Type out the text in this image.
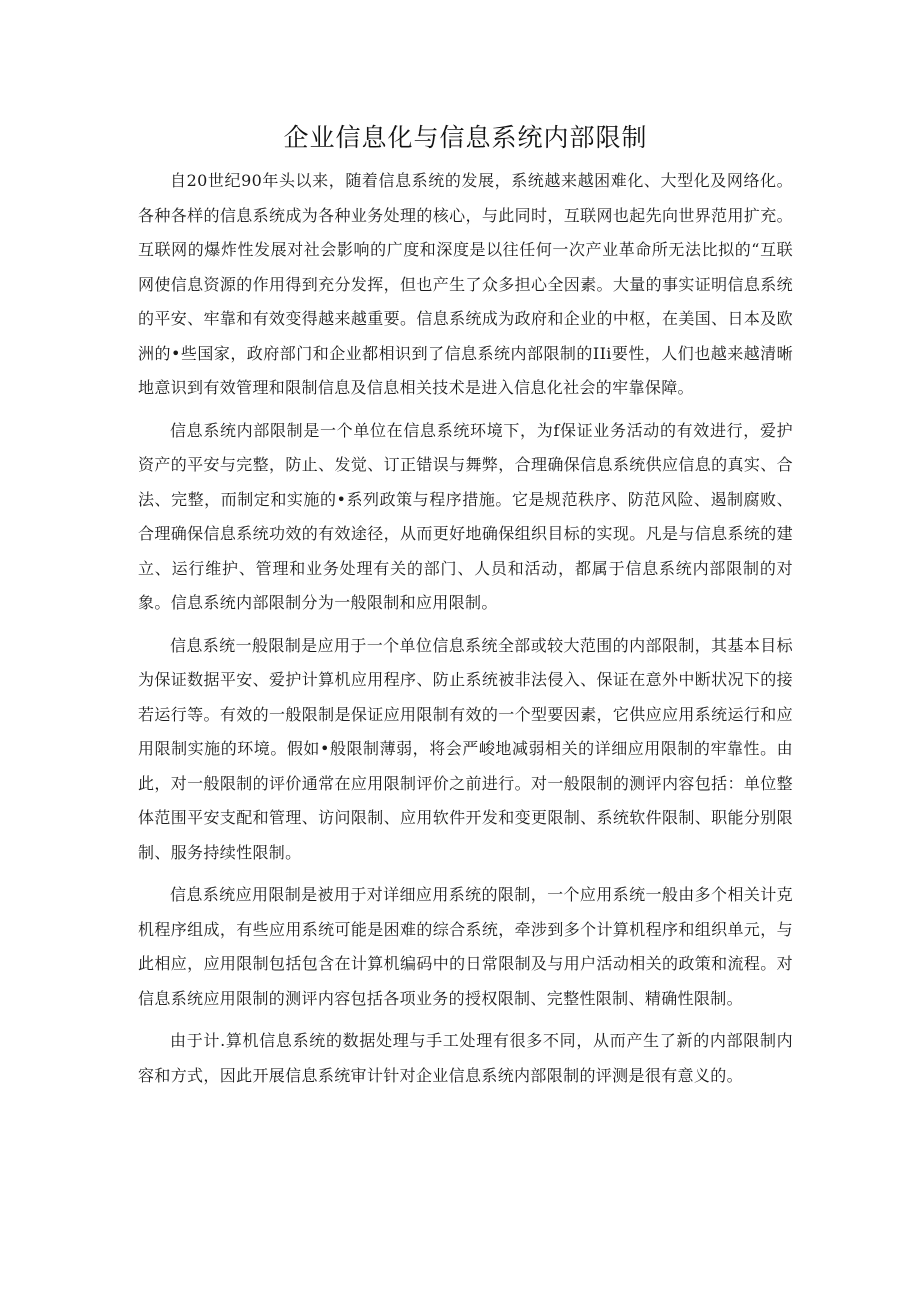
企业信息化与信息系统内部限制

自20世纪90年头以来，随着信息系统的发展，系统越来越困难化、大型化及网络化。各种各样的信息系统成为各种业务处理的核心，与此同时，互联网也起先向世界范用扩充。互联网的爆炸性发展对社会影响的广度和深度是以往任何一次产业革命所无法比拟的“互联网使信息资源的作用得到充分发挥，但也产生了众多担心全因素。大量的事实证明信息系统的平安、牢靠和有效变得越来越重要。信息系统成为政府和企业的中枢，在美国、日本及欧洲的•些国家，政府部门和企业都相识到了信息系统内部限制的IIi要性，人们也越来越清晰地意识到有效管理和限制信息及信息相关技术是进入信息化社会的牢靠保障。

信息系统内部限制是一个单位在信息系统环境下，为f保证业务活动的有效进行，爱护资产的平安与完整，防止、发觉、订正错误与舞弊，合理确保信息系统供应信息的真实、合法、完整，而制定和实施的•系列政策与程序措施。它是规范秩序、防范风险、遏制腐败、合理确保信息系统功效的有效途径，从而更好地确保组织目标的实现。凡是与信息系统的建立、运行维护、管理和业务处理有关的部门、人员和活动，都属于信息系统内部限制的对象。信息系统内部限制分为一般限制和应用限制。

信息系统一般限制是应用于一个单位信息系统全部或较大范围的内部限制，其基本目标为保证数据平安、爱护计算机应用程序、防止系统被非法侵入、保证在意外中断状况下的接若运行等。有效的一般限制是保证应用限制有效的一个型要因素，它供应应用系统运行和应用限制实施的环境。假如•般限制薄弱，将会严峻地减弱相关的详细应用限制的牢靠性。由此，对一般限制的评价通常在应用限制评价之前进行。对一般限制的测评内容包括：单位整体范围平安支配和管理、访问限制、应用软件开发和变更限制、系统软件限制、职能分别限制、服务持续性限制。

信息系统应用限制是被用于对详细应用系统的限制，一个应用系统一般由多个相关计克机程序组成，有些应用系统可能是困难的综合系统，牵涉到多个计算机程序和组织单元，与此相应，应用限制包括包含在计算机编码中的日常限制及与用户活动相关的政策和流程。对信息系统应用限制的测评内容包括各项业务的授权限制、完整性限制、精确性限制。

由于计.算机信息系统的数据处理与手工处理有很多不同，从而产生了新的内部限制内容和方式，因此开展信息系统审计针对企业信息系统内部限制的评测是很有意义的。
